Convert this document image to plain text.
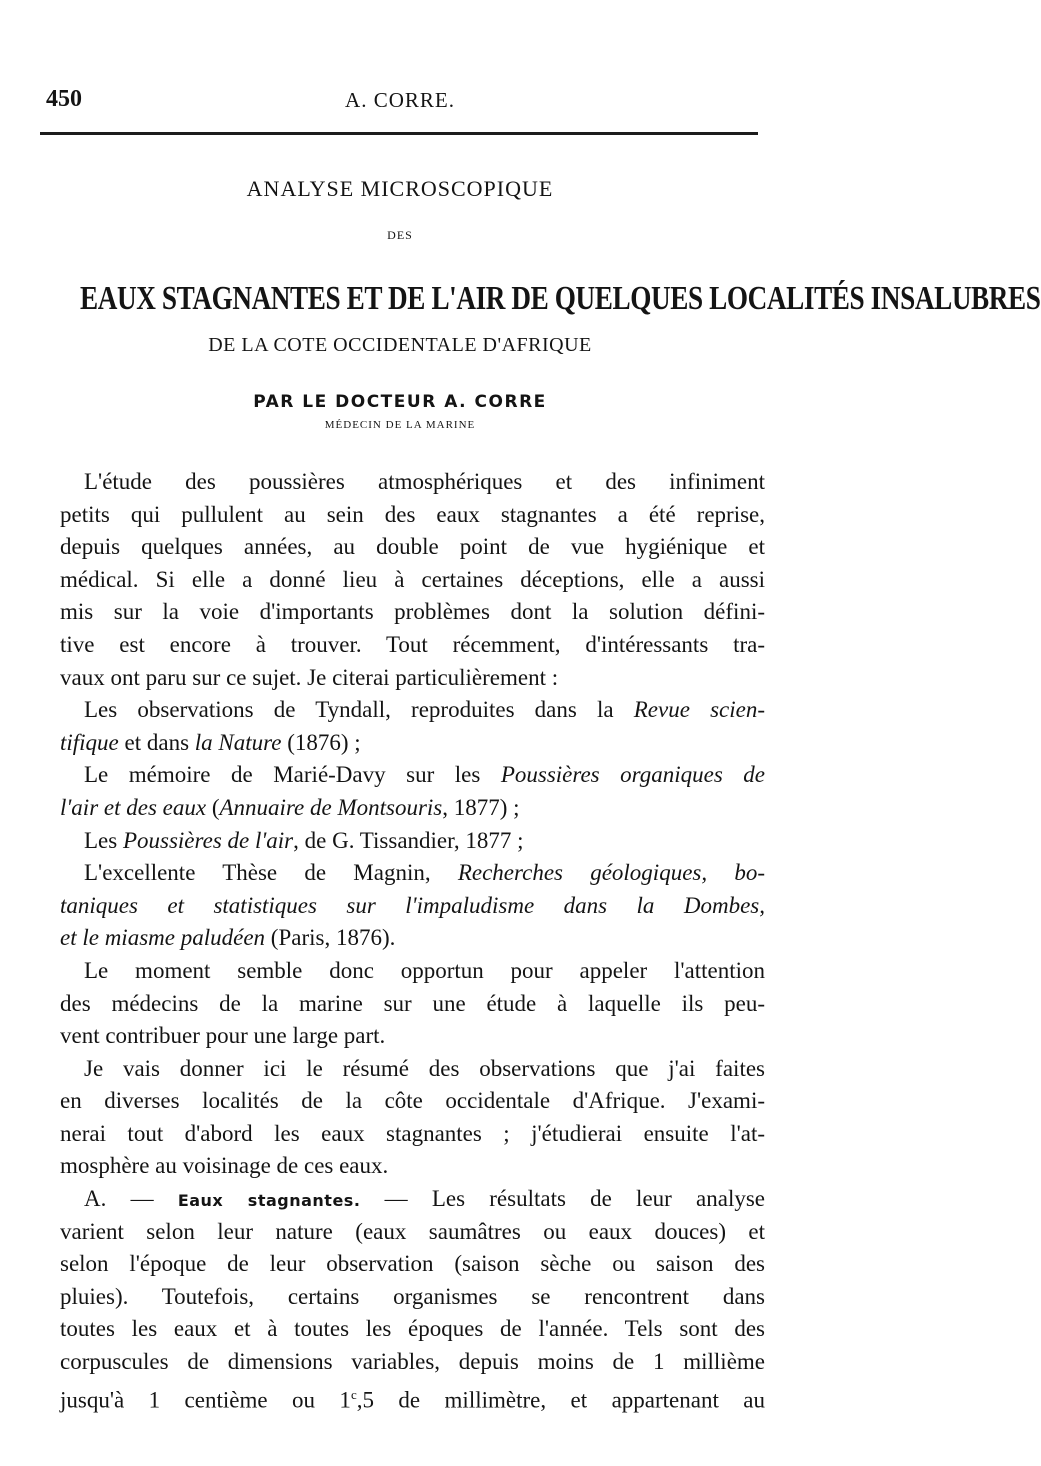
450	A. CORRE.
ANALYSE MICROSCOPIQUE
DES
EAUX STAGNANTES ET DE L'AIR DE QUELQUES LOCALITÉS INSALUBRES
DE LA COTE OCCIDENTALE D'AFRIQUE
PAR LE DOCTEUR A. CORRE
MÉDECIN DE LA MARINE
L'étude des poussières atmosphériques et des infiniment
petits qui pullulent au sein des eaux stagnantes a été reprise,
depuis quelques années, au double point de vue hygiénique et
médical. Si elle a donné lieu à certaines déceptions, elle a aussi
mis sur la voie d'importants problèmes dont la solution défini-
tive est encore à trouver. Tout récemment, d'intéressants tra-
vaux ont paru sur ce sujet. Je citerai particulièrement :
Les observations de Tyndall, reproduites dans la Revue scien-
tifique et dans la Nature (1876) ;
Le mémoire de Marié-Davy sur les Poussières organiques de
l'air et des eaux (Annuaire de Montsouris, 1877) ;
Les Poussières de l'air, de G. Tissandier, 1877 ;
L'excellente Thèse de Magnin, Recherches géologiques, bo-
taniques et statistiques sur l'impaludisme dans la Dombes,
et le miasme paludéen (Paris, 1876).
Le moment semble donc opportun pour appeler l'attention
des médecins de la marine sur une étude à laquelle ils peu-
vent contribuer pour une large part.
Je vais donner ici le résumé des observations que j'ai faites
en diverses localités de la côte occidentale d'Afrique. J'exami-
nerai tout d'abord les eaux stagnantes ; j'étudierai ensuite l'at-
mosphère au voisinage de ces eaux.
A. — Eaux stagnantes. — Les résultats de leur analyse
varient selon leur nature (eaux saumâtres ou eaux douces) et
selon l'époque de leur observation (saison sèche ou saison des
pluies). Toutefois, certains organismes se rencontrent dans
toutes les eaux et à toutes les époques de l'année. Tels sont des
corpuscules de dimensions variables, depuis moins de 1 millième
jusqu'à 1 centième ou 1$^c$,5 de millimètre, et appartenant au
